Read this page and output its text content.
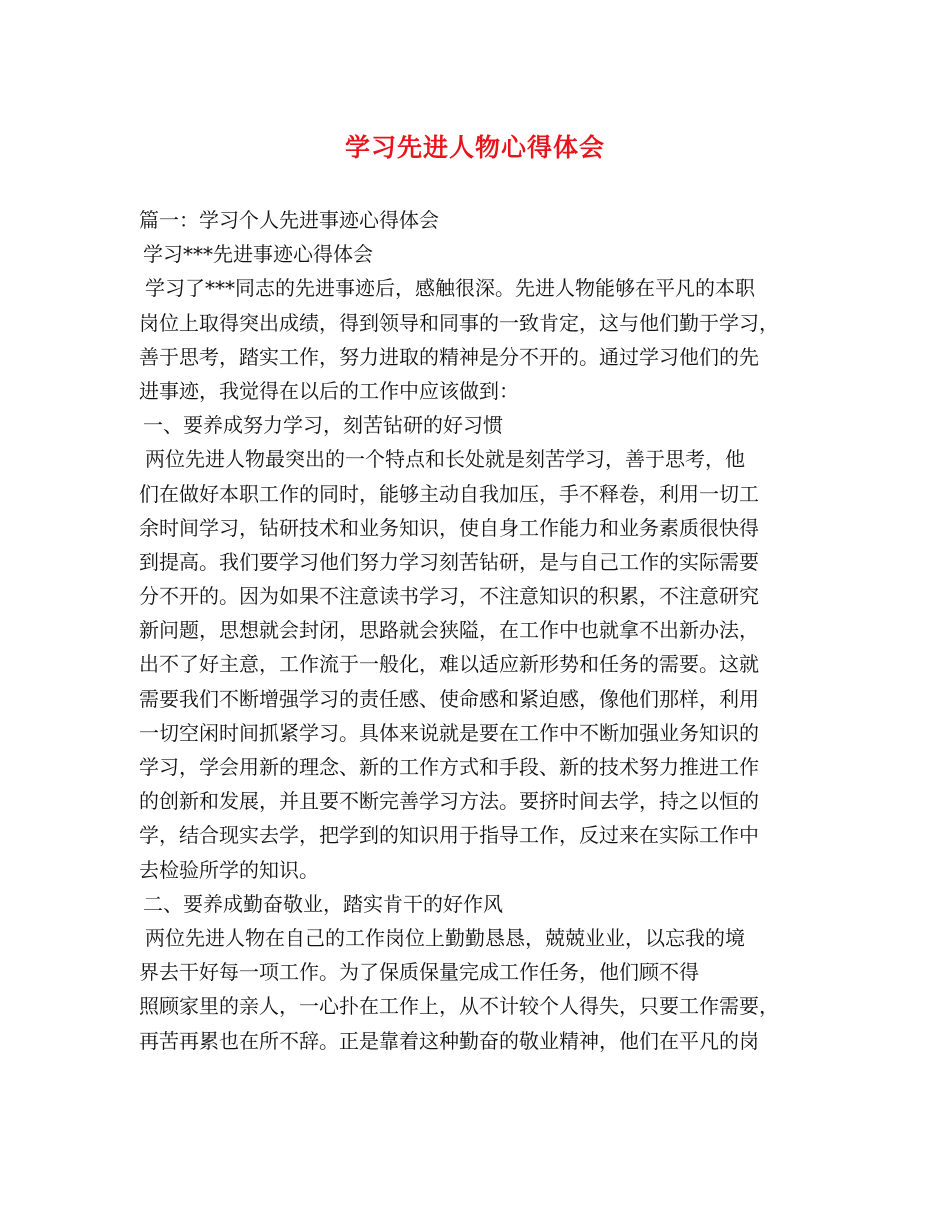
学习先进人物心得体会
篇一：学习个人先进事迹心得体会
学习***先进事迹心得体会
学习了***同志的先进事迹后，感触很深。先进人物能够在平凡的本职
岗位上取得突出成绩，得到领导和同事的一致肯定，这与他们勤于学习，
善于思考，踏实工作，努力进取的精神是分不开的。通过学习他们的先
进事迹，我觉得在以后的工作中应该做到：
一、要养成努力学习，刻苦钻研的好习惯
两位先进人物最突出的一个特点和长处就是刻苦学习，善于思考，他
们在做好本职工作的同时，能够主动自我加压，手不释卷，利用一切工
余时间学习，钻研技术和业务知识，使自身工作能力和业务素质很快得
到提高。我们要学习他们努力学习刻苦钻研，是与自己工作的实际需要
分不开的。因为如果不注意读书学习，不注意知识的积累，不注意研究
新问题，思想就会封闭，思路就会狭隘，在工作中也就拿不出新办法，
出不了好主意，工作流于一般化，难以适应新形势和任务的需要。这就
需要我们不断增强学习的责任感、使命感和紧迫感，像他们那样，利用
一切空闲时间抓紧学习。具体来说就是要在工作中不断加强业务知识的
学习，学会用新的理念、新的工作方式和手段、新的技术努力推进工作
的创新和发展，并且要不断完善学习方法。要挤时间去学，持之以恒的
学，结合现实去学，把学到的知识用于指导工作，反过来在实际工作中
去检验所学的知识。
二、要养成勤奋敬业，踏实肯干的好作风
两位先进人物在自己的工作岗位上勤勤恳恳，兢兢业业，以忘我的境
界去干好每一项工作。为了保质保量完成工作任务，他们顾不得
照顾家里的亲人，一心扑在工作上，从不计较个人得失，只要工作需要，
再苦再累也在所不辞。正是靠着这种勤奋的敬业精神，他们在平凡的岗
